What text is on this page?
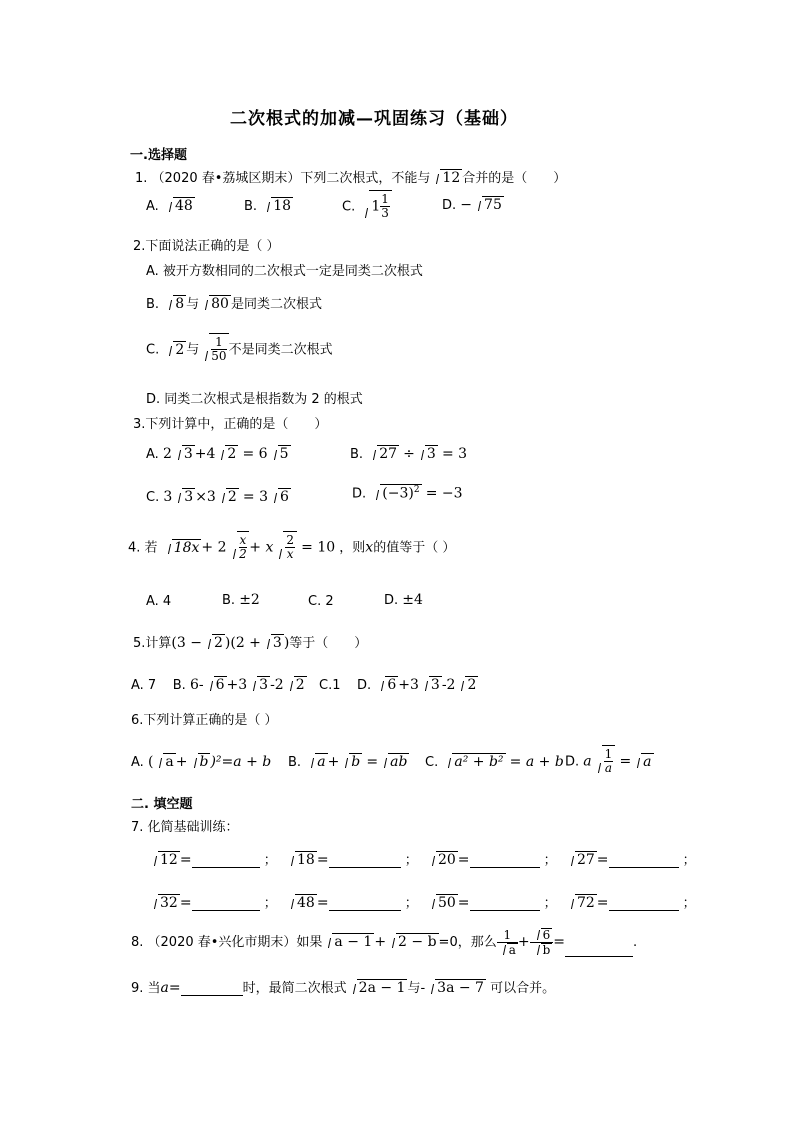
二次根式的加减—巩固练习（基础）
一.选择题
1. （2020 春•荔城区期末）下列二次根式，不能与 12 合并的是（　　）
A. 48	B. 18	C. $1 \frac{1}{3}$	D. − 75
2.下面说法正确的是（ ）
A. 被开方数相同的二次根式一定是同类二次根式
B. 8 与 80 是同类二次根式
C. 2 与 $\frac{1}{50}$ 不是同类二次根式
D. 同类二次根式是根指数为 2 的根式
3.下列计算中，正确的是（　　）
A. 2 3 +4 2 = 6 5	B. 27 ÷ 3 = 3
C. 3 3 ×3 2 = 3 6	D. $(-3)^2 = -3$
4. 若 $18x + 2 \frac{x}{2} + x \frac{2}{x} = 10$ ，则x的值等于（ ）
A. 4	B. ±2	C. 2	D. ±4
5.计算(3 − 2 )(2 + 3 )等于（　　）
A. 7 B. 6- 6 +3 3 -2 2 C.1 D. 6 +3 3 -2 2
6.下列计算正确的是（ ）
A. ( a + b )²=a + b B. a + b = ab C. a² + b² = a + b D. a $\frac{1}{a} = a$
二. 填空题
7. 化简基础训练：
12 =	； 18 =	； 20 =	； 27 =	；
32 =	； 48 =	； 50 =	； 72 =	；
8. （2020 春•兴化市期末）如果 a − 1 + 2 − b =0，那么 $\frac{1}{a} + \frac{6}{b}$ =	.
9. 当a=	时，最简二次根式 2a − 1 与- 3a − 7 可以合并。
